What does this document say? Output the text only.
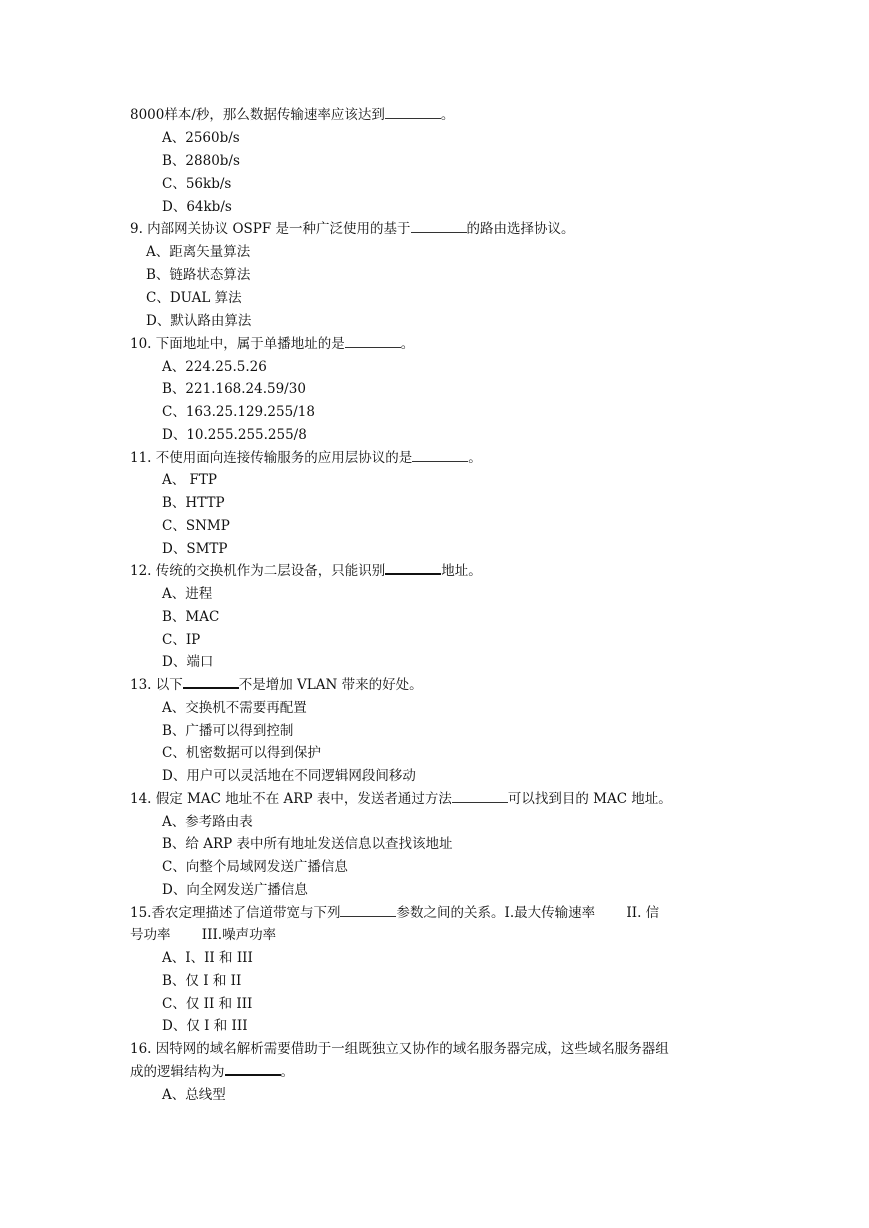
8000样本/秒，那么数据传输速率应该达到	。
A、2560b/s
B、2880b/s
C、56kb/s
D、64kb/s
9. 内部网关协议 OSPF 是一种广泛使用的基于	的路由选择协议。
A、距离矢量算法
B、链路状态算法
C、DUAL 算法
D、默认路由算法
10. 下面地址中，属于单播地址的是	。
A、224.25.5.26
B、221.168.24.59/30
C、163.25.129.255/18
D、10.255.255.255/8
11. 不使用面向连接传输服务的应用层协议的是	。
A、 FTP
B、HTTP
C、SNMP
D、SMTP
12. 传统的交换机作为二层设备，只能识别	地址。
A、进程
B、MAC
C、IP
D、端口
13. 以下	不是增加 VLAN 带来的好处。
A、交换机不需要再配置
B、广播可以得到控制
C、机密数据可以得到保护
D、用户可以灵活地在不同逻辑网段间移动
14. 假定 MAC 地址不在 ARP 表中，发送者通过方法	可以找到目的 MAC 地址。
A、参考路由表
B、给 ARP 表中所有地址发送信息以查找该地址
C、向整个局域网发送广播信息
D、向全网发送广播信息
15.香农定理描述了信道带宽与下列	参数之间的关系。I.最大传输速率　　 II. 信
号功率　　 III.噪声功率
A、I、II 和 III
B、仅 I 和 II
C、仅 II 和 III
D、仅 I 和 III
16. 因特网的域名解析需要借助于一组既独立又协作的域名服务器完成，这些域名服务器组
成的逻辑结构为	。
A、总线型
